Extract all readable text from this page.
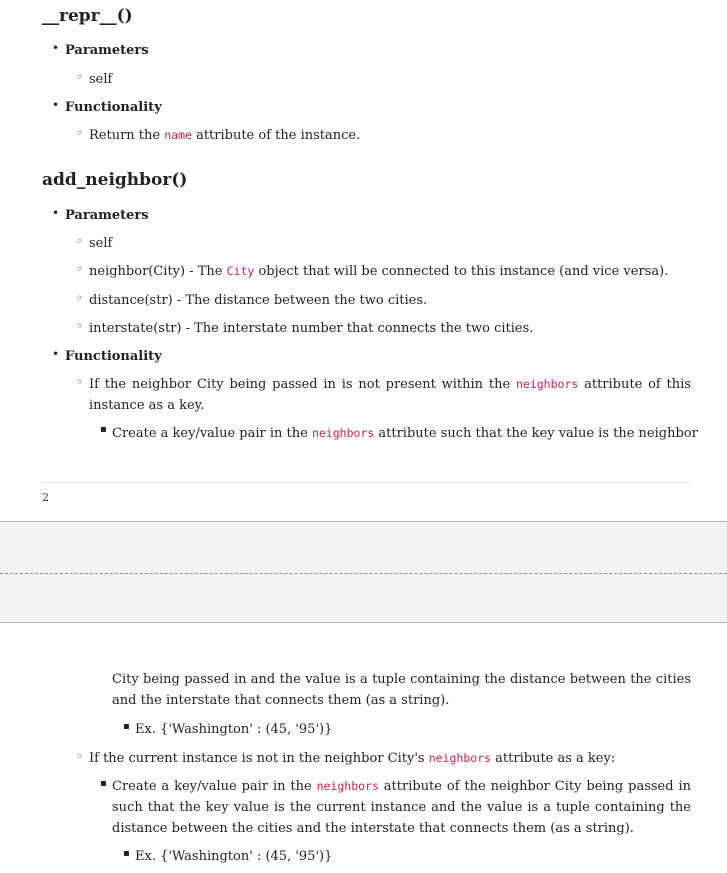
__repr__()
• Parameters
◦ self
• Functionality
◦ Return the name attribute of the instance.
add_neighbor()
• Parameters
◦ self
◦ neighbor(City) - The City object that will be connected to this instance (and vice versa).
◦ distance(str) - The distance between the two cities.
◦ interstate(str) - The interstate number that connects the two cities.
• Functionality
◦ If the neighbor City being passed in is not present within the neighbors attribute of this instance as a key.
▪ Create a key/value pair in the neighbors attribute such that the key value is the neighbor
2
City being passed in and the value is a tuple containing the distance between the cities and the interstate that connects them (as a string).
▪ Ex. {'Washington' : (45, '95')}
◦ If the current instance is not in the neighbor City's neighbors attribute as a key:
▪ Create a key/value pair in the neighbors attribute of the neighbor City being passed in such that the key value is the current instance and the value is a tuple containing the distance between the cities and the interstate that connects them (as a string).
▪ Ex. {'Washington' : (45, '95')}
